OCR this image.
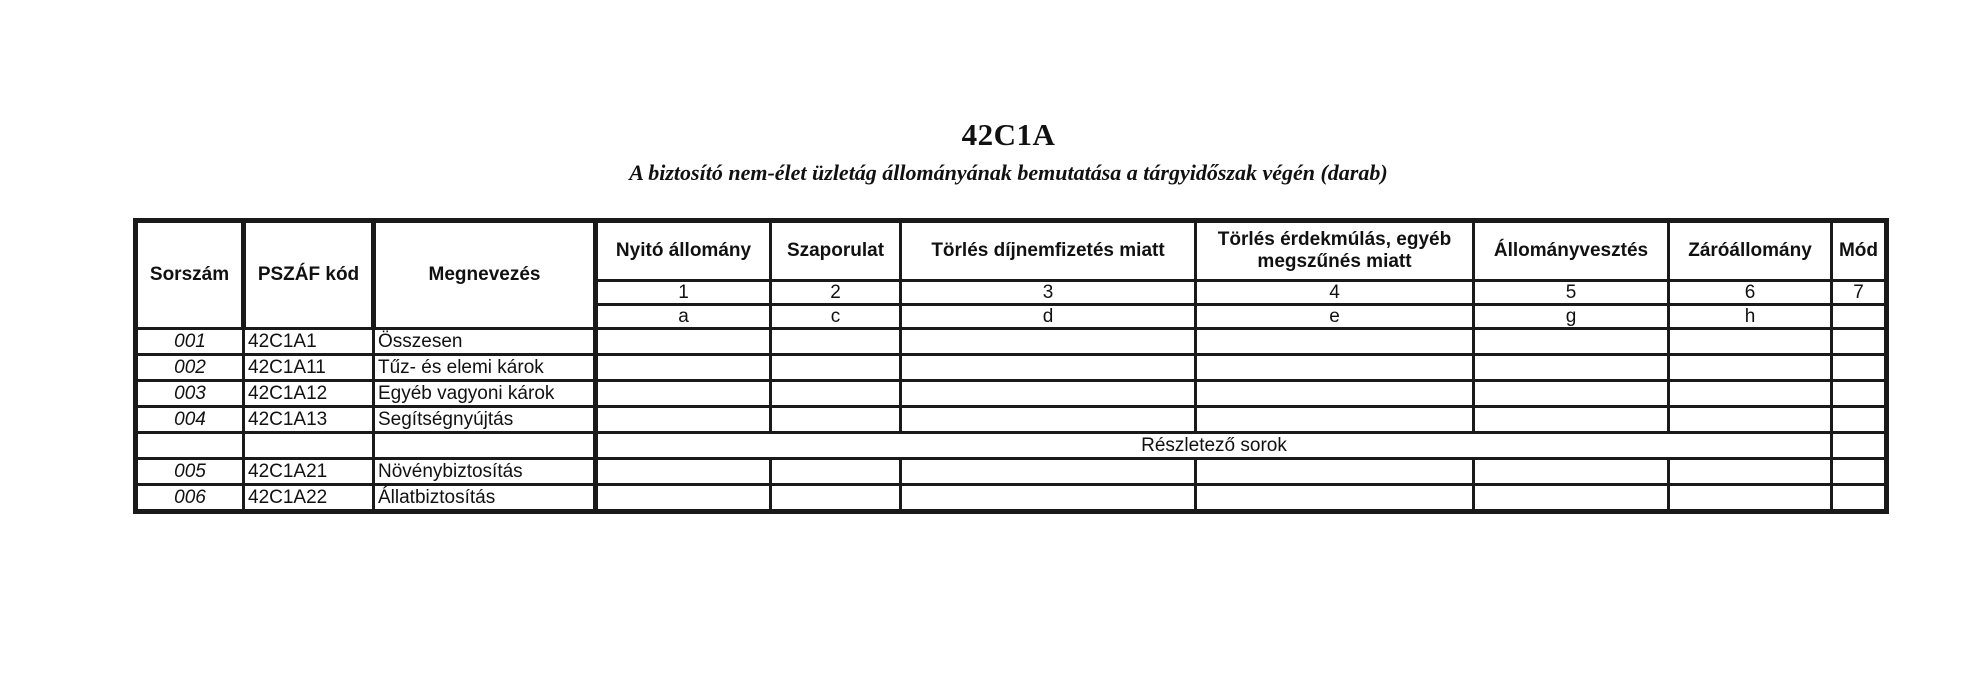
42C1A
A biztosító nem-élet üzletág állományának bemutatása a tárgyidőszak végén (darab)
Sorszám	PSZÁF kód	Megnevezés	Nyitó állomány	Szaporulat	Törlés díjnemfizetés miatt	Törlés érdekmúlás, egyéb megszűnés miatt	Állományvesztés	Záróállomány	Mód
			1	2	3	4	5	6	7
			a	c	d	e	g	h	
001	42C1A1	Összesen							
002	42C1A11	Tűz- és elemi károk							
003	42C1A12	Egyéb vagyoni károk							
004	42C1A13	Segítségnyújtás							
			Részletező sorok						
005	42C1A21	Növénybiztosítás							
006	42C1A22	Állatbiztosítás							
